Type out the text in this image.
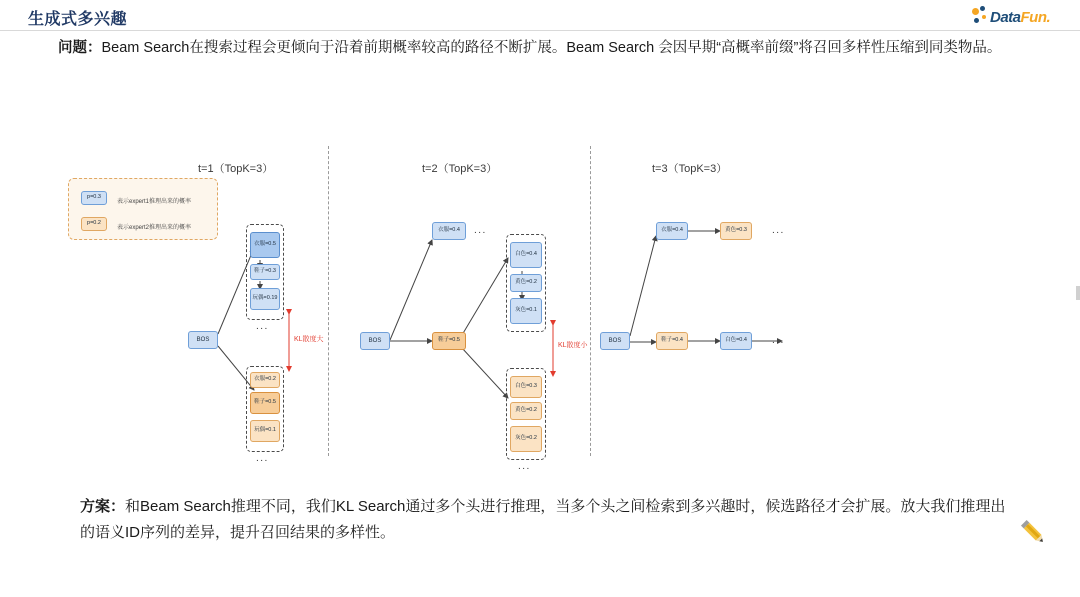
生成式多兴趣	DataFun.
问题：Beam Search在搜索过程会更倾向于沿着前期概率较高的路径不断扩展。Beam Search 会因早期“高概率前缀”将召回多样性压缩到同类物品。
t=1（TopK=3）	t=2（TopK=3）	t=3（TopK=3）
p=0.3
表示expert1推理出来的概率
p=0.2
表示expert2推理出来的概率
BOS
衣服=0.5
鞋子=0.3
玩偶=0.19
...
衣服=0.2
鞋子=0.5
玩偶=0.1
...
KL散度大	BOS
衣服=0.4	...
鞋子=0.5
白色=0.4
黄色=0.2
灰色=0.1
白色=0.3
黄色=0.2
灰色=0.2
...
KL散度小
BOS
衣服=0.4	黄色=0.3	...
鞋子=0.4	白色=0.4	...
方案：和Beam Search推理不同，我们KL Search通过多个头进行推理，当多个头之间检索到多兴趣时，候选路径才会扩展。放大我们推理出的语义ID序列的差异，提升召回结果的多样性。
